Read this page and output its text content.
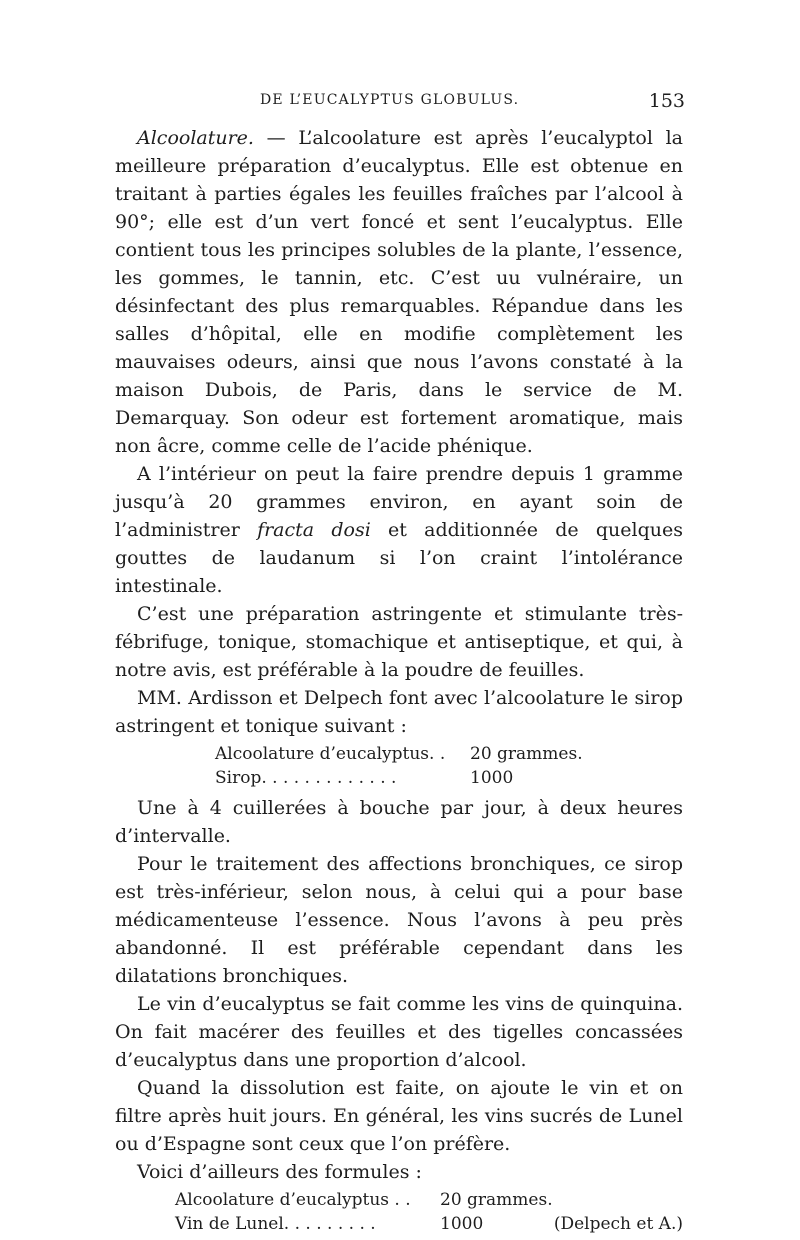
DE L’EUCALYPTUS GLOBULUS.	153

Alcoolature. — L’alcoolature est après l’eucalyptol la meilleure préparation d’eucalyptus. Elle est obtenue en traitant à parties égales les feuilles fraîches par l’alcool à 90°; elle est d’un vert foncé et sent l’eucalyptus. Elle contient tous les principes solubles de la plante, l’essence, les gommes, le tannin, etc. C’est uu vulnéraire, un désinfectant des plus remarquables. Répandue dans les salles d’hôpital, elle en modifie complètement les mauvaises odeurs, ainsi que nous l’avons constaté à la maison Dubois, de Paris, dans le service de M. Demarquay. Son odeur est fortement aromatique, mais non âcre, comme celle de l’acide phénique.

A l’intérieur on peut la faire prendre depuis 1 gramme jusqu’à 20 grammes environ, en ayant soin de l’administrer fracta dosi et additionnée de quelques gouttes de laudanum si l’on craint l’intolérance intestinale.

C’est une préparation astringente et stimulante très-fébrifuge, tonique, stomachique et antiseptique, et qui, à notre avis, est préférable à la poudre de feuilles.

MM. Ardisson et Delpech font avec l’alcoolature le sirop astringent et tonique suivant :

Alcoolature d’eucalyptus. . 20 grammes.
Sirop. . . . . . . . . . . . .	1000

Une à 4 cuillerées à bouche par jour, à deux heures d’intervalle.

Pour le traitement des affections bronchiques, ce sirop est très-inférieur, selon nous, à celui qui a pour base médicamenteuse l’essence. Nous l’avons à peu près abandonné. Il est préférable cependant dans les dilatations bronchiques.

Le vin d’eucalyptus se fait comme les vins de quinquina. On fait macérer des feuilles et des tigelles concassées d’eucalyptus dans une proportion d’alcool.

Quand la dissolution est faite, on ajoute le vin et on filtre après huit jours. En général, les vins sucrés de Lunel ou d’Espagne sont ceux que l’on préfère.

Voici d’ailleurs des formules :

Alcoolature d’eucalyptus . . 20 grammes.
Vin de Lunel. . . . . . . . .	1000	(Delpech et A.)
